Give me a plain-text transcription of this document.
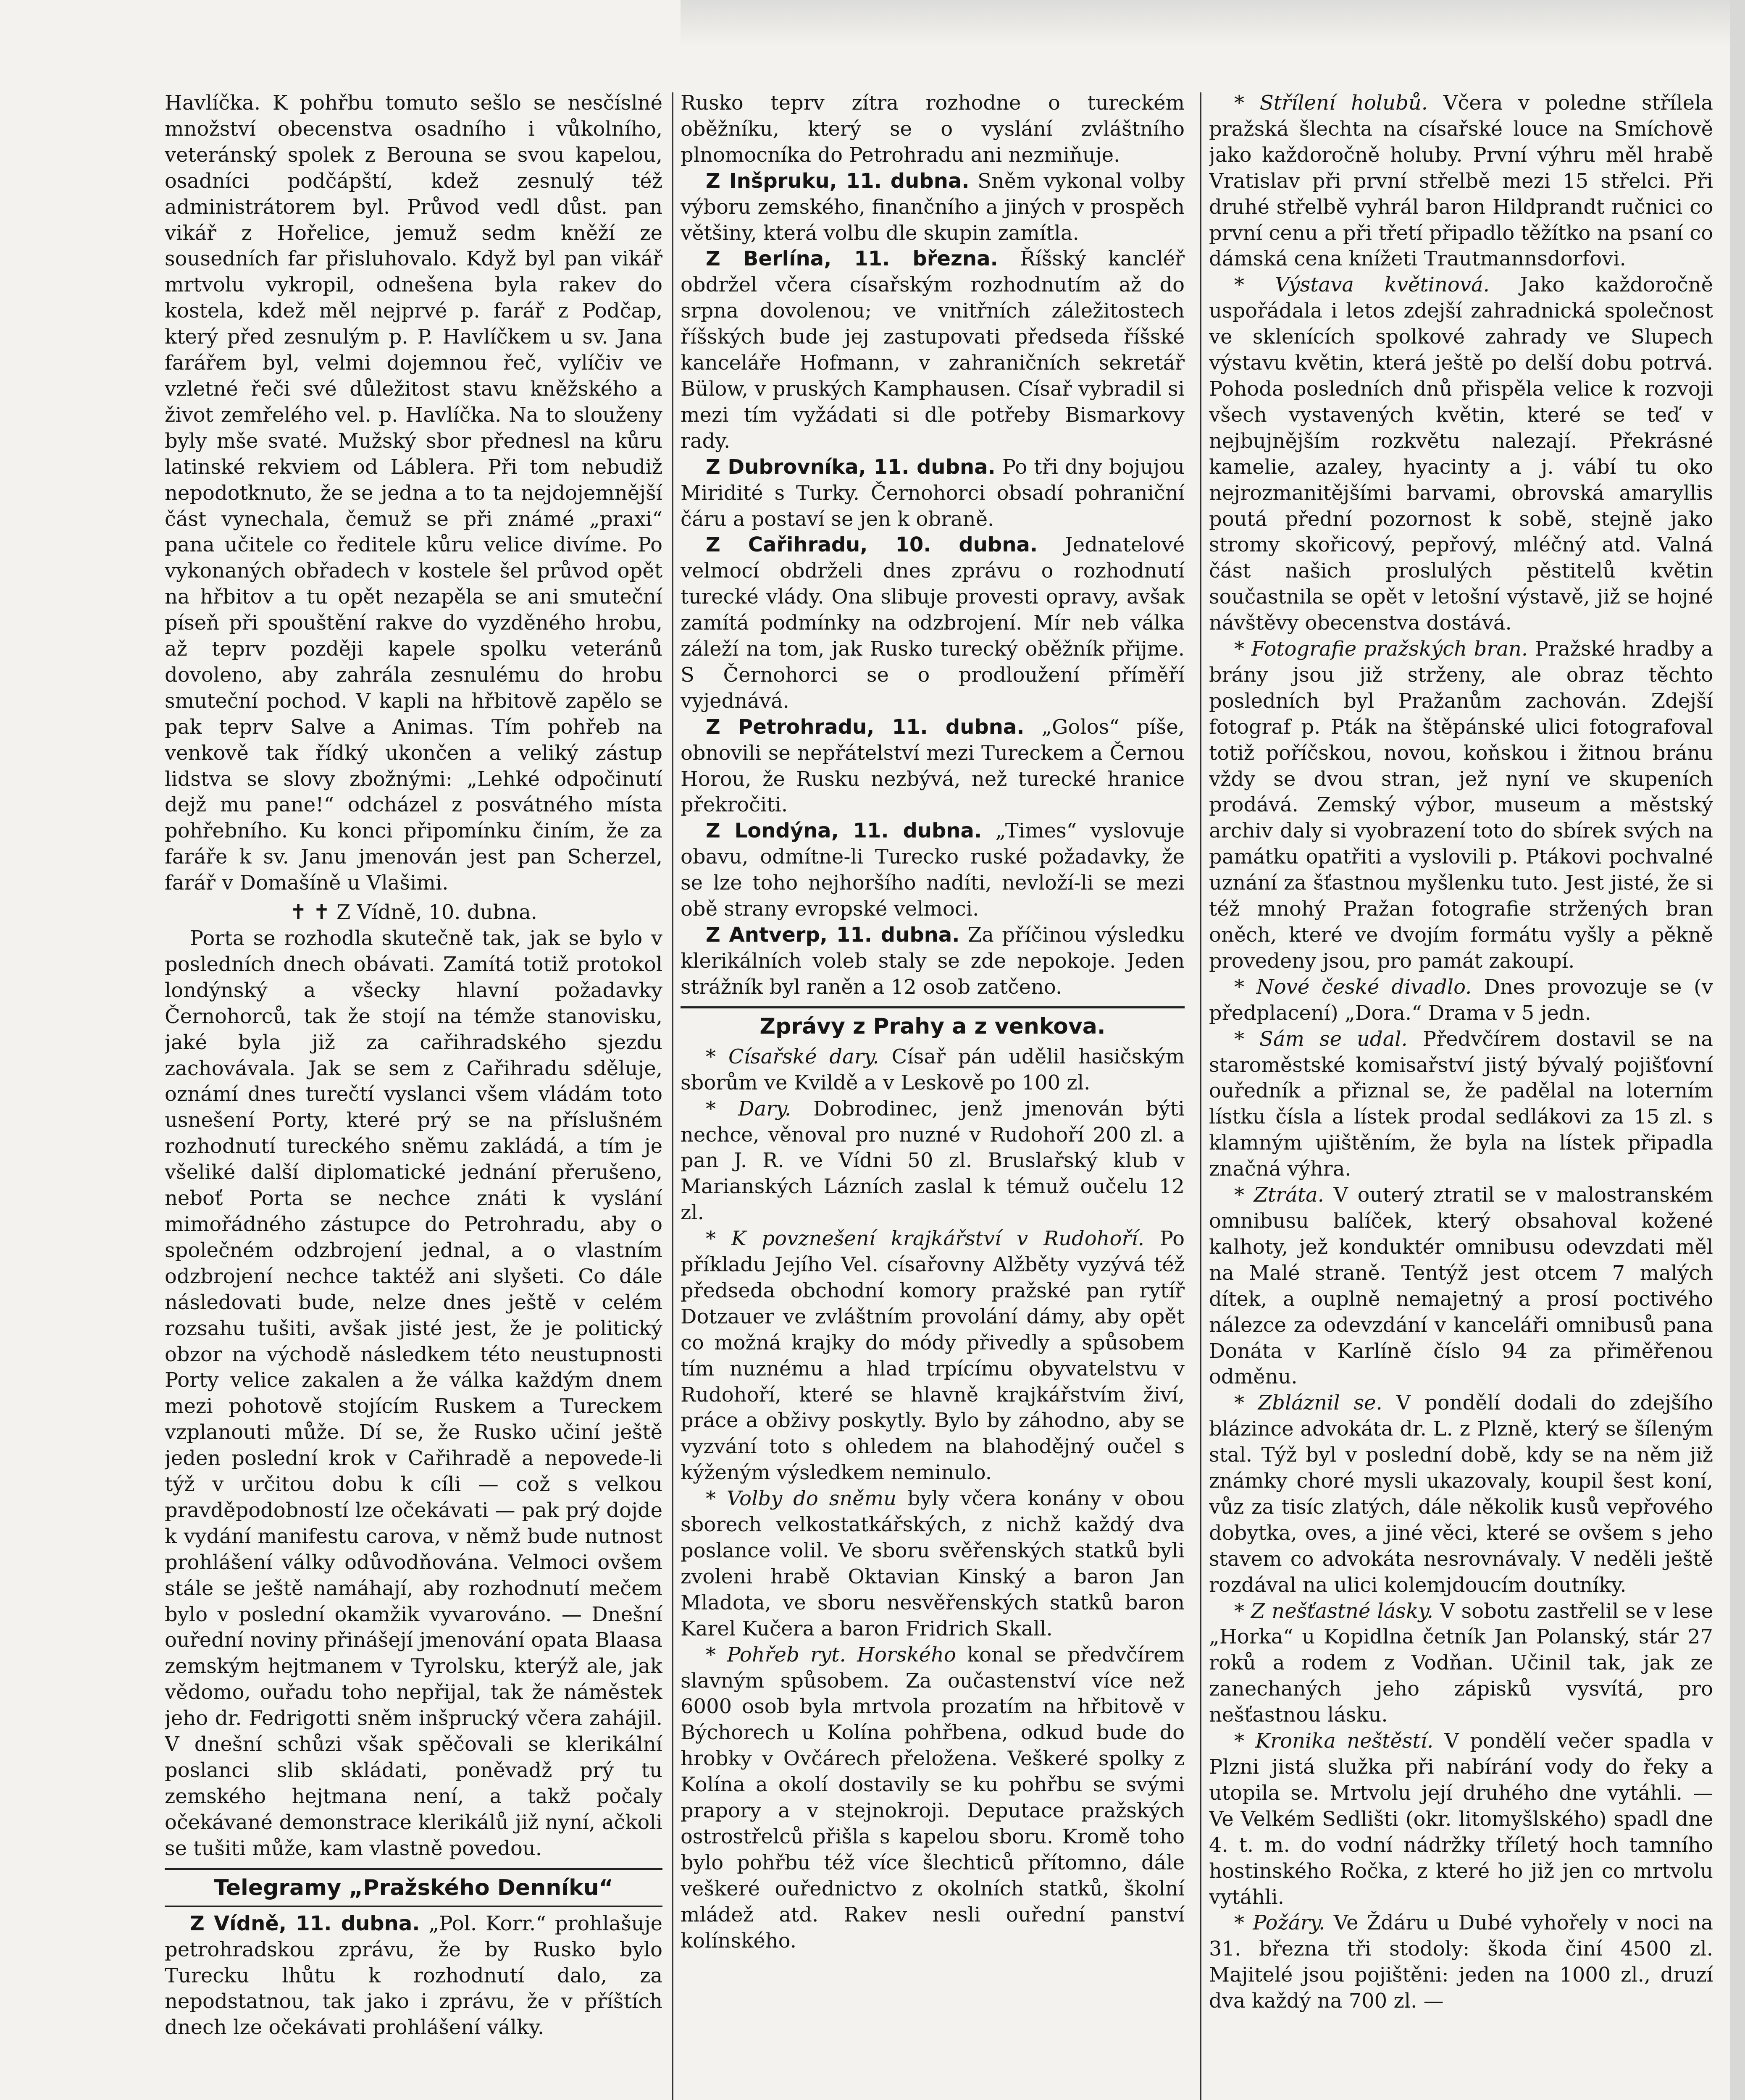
Havlíčka. K pohřbu tomuto sešlo se nesčíslné množství obecenstva osadního i vůkolního, veteránský spolek z Berouna se svou kapelou, osadníci podčápští, kdež zesnulý též administrátorem byl. Průvod vedl důst. pan vikář z Hořelice, jemuž sedm kněží ze sousedních far přisluhovalo. Když byl pan vikář mrtvolu vykropil, odnešena byla rakev do kostela, kdež měl nejprvé p. farář z Podčap, který před zesnulým p. P. Havlíčkem u sv. Jana farářem byl, velmi dojemnou řeč, vylíčiv ve vzletné řeči své důležitost stavu kněžského a život zemřelého vel. p. Havlíčka. Na to slouženy byly mše svaté. Mužský sbor přednesl na kůru latinské rekviem od Láblera. Při tom nebudiž nepodotknuto, že se jedna a to ta nejdojemnější část vynechala, čemuž se při známé „praxi“ pana učitele co ředitele kůru velice divíme. Po vykonaných obřadech v kostele šel průvod opět na hřbitov a tu opět nezapěla se ani smuteční píseň při spouštění rakve do vyzděného hrobu, až teprv později kapele spolku veteránů dovoleno, aby zahrála zesnulému do hrobu smuteční pochod. V kapli na hřbitově zapělo se pak teprv Salve a Animas. Tím pohřeb na venkově tak řídký ukončen a veliký zástup lidstva se slovy zbožnými: „Lehké odpočinutí dejž mu pane!“ odcházel z posvátného místa pohřebního. Ku konci připomínku činím, že za faráře k sv. Janu jmenován jest pan Scherzel, farář v Domašíně u Vlašimi.

✝ ✝ Z Vídně, 10. dubna.

Porta se rozhodla skutečně tak, jak se bylo v posledních dnech obávati. Zamítá totiž protokol londýnský a všecky hlavní požadavky Černohorců, tak že stojí na témže stanovisku, jaké byla již za cařihradského sjezdu zachovávala. Jak se sem z Cařihradu sděluje, oznámí dnes turečtí vyslanci všem vládám toto usnešení Porty, které prý se na příslušném rozhodnutí tureckého sněmu zakládá, a tím je všeliké další diplomatické jednání přerušeno, neboť Porta se nechce znáti k vyslání mimořádného zástupce do Petrohradu, aby o společném odzbrojení jednal, a o vlastním odzbrojení nechce taktéž ani slyšeti. Co dále následovati bude, nelze dnes ještě v celém rozsahu tušiti, avšak jisté jest, že je politický obzor na východě následkem této neustupnosti Porty velice zakalen a že válka každým dnem mezi pohotově stojícím Ruskem a Tureckem vzplanouti může. Dí se, že Rusko učiní ještě jeden poslední krok v Cařihradě a nepovede-li týž v určitou dobu k cíli — což s velkou pravděpodobností lze očekávati — pak prý dojde k vydání manifestu carova, v němž bude nutnost prohlášení války odůvodňována. Velmoci ovšem stále se ještě namáhají, aby rozhodnutí mečem bylo v poslední okamžik vyvarováno. — Dnešní ouřední noviny přinášejí jmenování opata Blaasa zemským hejtmanem v Tyrolsku, kterýž ale, jak vědomo, ouřadu toho nepřijal, tak že náměstek jeho dr. Fedrigotti sněm inšprucký včera zahájil. V dnešní schůzi však spěčovali se klerikální poslanci slib skládati, poněvadž prý tu zemského hejtmana není, a takž počaly očekávané demonstrace klerikálů již nyní, ačkoli se tušiti může, kam vlastně povedou.

Telegramy „Pražského Denníku“

Z Vídně, 11. dubna. „Pol. Korr.“ prohlašuje petrohradskou zprávu, že by Rusko bylo Turecku lhůtu k rozhodnutí dalo, za nepodstatnou, tak jako i zprávu, že v příštích dnech lze očekávati prohlášení války.

Rusko teprv zítra rozhodne o tureckém oběžníku, který se o vyslání zvláštního plnomocníka do Petrohradu ani nezmiňuje.

Z Inšpruku, 11. dubna. Sněm vykonal volby výboru zemského, finančního a jiných v prospěch většiny, která volbu dle skupin zamítla.

Z Berlína, 11. března. Říšský kancléř obdržel včera císařským rozhodnutím až do srpna dovolenou; ve vnitřních záležitostech říšských bude jej zastupovati předseda říšské kanceláře Hofmann, v zahraničních sekretář Bülow, v pruských Kamphausen. Císař vybradil si mezi tím vyžádati si dle potřeby Bismarkovy rady.

Z Dubrovníka, 11. dubna. Po tři dny bojujou Miridité s Turky. Černohorci obsadí pohraniční čáru a postaví se jen k obraně.

Z Cařihradu, 10. dubna. Jednatelové velmocí obdrželi dnes zprávu o rozhodnutí turecké vlády. Ona slibuje provesti opravy, avšak zamítá podmínky na odzbrojení. Mír neb válka záleží na tom, jak Rusko turecký oběžník přijme. S Černohorci se o prodloužení příměří vyjednává.

Z Petrohradu, 11. dubna. „Golos“ píše, obnovili se nepřátelství mezi Tureckem a Černou Horou, že Rusku nezbývá, než turecké hranice překročiti.

Z Londýna, 11. dubna. „Times“ vyslovuje obavu, odmítne-li Turecko ruské požadavky, že se lze toho nejhoršího nadíti, nevloží-li se mezi obě strany evropské velmoci.

Z Antverp, 11. dubna. Za příčinou výsledku klerikálních voleb staly se zde nepokoje. Jeden strážník byl raněn a 12 osob zatčeno.

Zprávy z Prahy a z venkova.

* Císařské dary. Císař pán udělil hasičským sborům ve Kvildě a v Leskově po 100 zl.

* Dary. Dobrodinec, jenž jmenován býti nechce, věnoval pro nuzné v Rudohoří 200 zl. a pan J. R. ve Vídni 50 zl. Bruslařský klub v Marianských Lázních zaslal k témuž oučelu 12 zl.

* K povznešení krajkářství v Rudohoří. Po příkladu Jejího Vel. císařovny Alžběty vyzývá též předseda obchodní komory pražské pan rytíř Dotzauer ve zvláštním provolání dámy, aby opět co možná krajky do módy přivedly a spůsobem tím nuznému a hlad trpícímu obyvatelstvu v Rudohoří, které se hlavně krajkářstvím živí, práce a obživy poskytly. Bylo by záhodno, aby se vyzvání toto s ohledem na blahodějný oučel s kýženým výsledkem neminulo.

* Volby do sněmu byly včera konány v obou sborech velkostatkářských, z nichž každý dva poslance volil. Ve sboru svěřenských statků byli zvoleni hrabě Oktavian Kinský a baron Jan Mladota, ve sboru nesvěřenských statků baron Karel Kučera a baron Fridrich Skall.

* Pohřeb ryt. Horského konal se předvčírem slavným spůsobem. Za oučastenství více než 6000 osob byla mrtvola prozatím na hřbitově v Býchorech u Kolína pohřbena, odkud bude do hrobky v Ovčárech přeložena. Veškeré spolky z Kolína a okolí dostavily se ku pohřbu se svými prapory a v stejnokroji. Deputace pražských ostrostřelců přišla s kapelou sboru. Kromě toho bylo pohřbu též více šlechticů přítomno, dále veškeré ouřednictvo z okolních statků, školní mládež atd. Rakev nesli ouřední panství kolínského.

* Střílení holubů. Včera v poledne střílela pražská šlechta na císařské louce na Smíchově jako každoročně holuby. První výhru měl hrabě Vratislav při první střelbě mezi 15 střelci. Při druhé střelbě vyhrál baron Hildprandt ručnici co první cenu a při třetí připadlo těžítko na psaní co dámská cena knížeti Trautmannsdorfovi.

* Výstava květinová. Jako každoročně uspořádala i letos zdejší zahradnická společnost ve sklenících spolkové zahrady ve Slupech výstavu květin, která ještě po delší dobu potrvá. Pohoda posledních dnů přispěla velice k rozvoji všech vystavených květin, které se teď v nejbujnějším rozkvětu nalezají. Překrásné kamelie, azaley, hyacinty a j. vábí tu oko nejrozmanitějšími barvami, obrovská amaryllis poutá přední pozornost k sobě, stejně jako stromy skořicový, pepřový, mléčný atd. Valná část našich proslulých pěstitelů květin součastnila se opět v letošní výstavě, již se hojné návštěvy obecenstva dostává.

* Fotografie pražských bran. Pražské hradby a brány jsou již strženy, ale obraz těchto posledních byl Pražanům zachován. Zdejší fotograf p. Pták na štěpánské ulici fotografoval totiž poříčskou, novou, koňskou i žitnou bránu vždy se dvou stran, jež nyní ve skupeních prodává. Zemský výbor, museum a městský archiv daly si vyobrazení toto do sbírek svých na památku opatřiti a vyslovili p. Ptákovi pochvalné uznání za šťastnou myšlenku tuto. Jest jisté, že si též mnohý Pražan fotografie stržených bran oněch, které ve dvojím formátu vyšly a pěkně provedeny jsou, pro památ zakoupí.

* Nové české divadlo. Dnes provozuje se (v předplacení) „Dora.“ Drama v 5 jedn.

* Sám se udal. Předvčírem dostavil se na staroměstské komisařství jistý bývalý pojišťovní ouředník a přiznal se, že padělal na loterním lístku čísla a lístek prodal sedlákovi za 15 zl. s klamným ujištěním, že byla na lístek připadla značná výhra.

* Ztráta. V outerý ztratil se v malostranském omnibusu balíček, který obsahoval kožené kalhoty, jež konduktér omnibusu odevzdati měl na Malé straně. Tentýž jest otcem 7 malých dítek, a ouplně nemajetný a prosí poctivého nálezce za odevzdání v kanceláři omnibusů pana Donáta v Karlíně číslo 94 za přiměřenou odměnu.

* Zbláznil se. V pondělí dodali do zdejšího blázince advokáta dr. L. z Plzně, který se šíleným stal. Týž byl v poslední době, kdy se na něm již známky choré mysli ukazovaly, koupil šest koní, vůz za tisíc zlatých, dále několik kusů vepřového dobytka, oves, a jiné věci, které se ovšem s jeho stavem co advokáta nesrovnávaly. V neděli ještě rozdával na ulici kolemjdoucím doutníky.

* Z nešťastné lásky. V sobotu zastřelil se v lese „Horka“ u Kopidlna četník Jan Polanský, stár 27 roků a rodem z Vodňan. Učinil tak, jak ze zanechaných jeho zápisků vysvítá, pro nešťastnou lásku.

* Kronika neštěstí. V pondělí večer spadla v Plzni jistá služka při nabírání vody do řeky a utopila se. Mrtvolu její druhého dne vytáhli. — Ve Velkém Sedlišti (okr. litomyšlského) spadl dne 4. t. m. do vodní nádržky tříletý hoch tamního hostinského Ročka, z které ho již jen co mrtvolu vytáhli.

* Požáry. Ve Ždáru u Dubé vyhořely v noci na 31. března tři stodoly: škoda činí 4500 zl. Majitelé jsou pojištěni: jeden na 1000 zl., druzí dva každý na 700 zl. —
